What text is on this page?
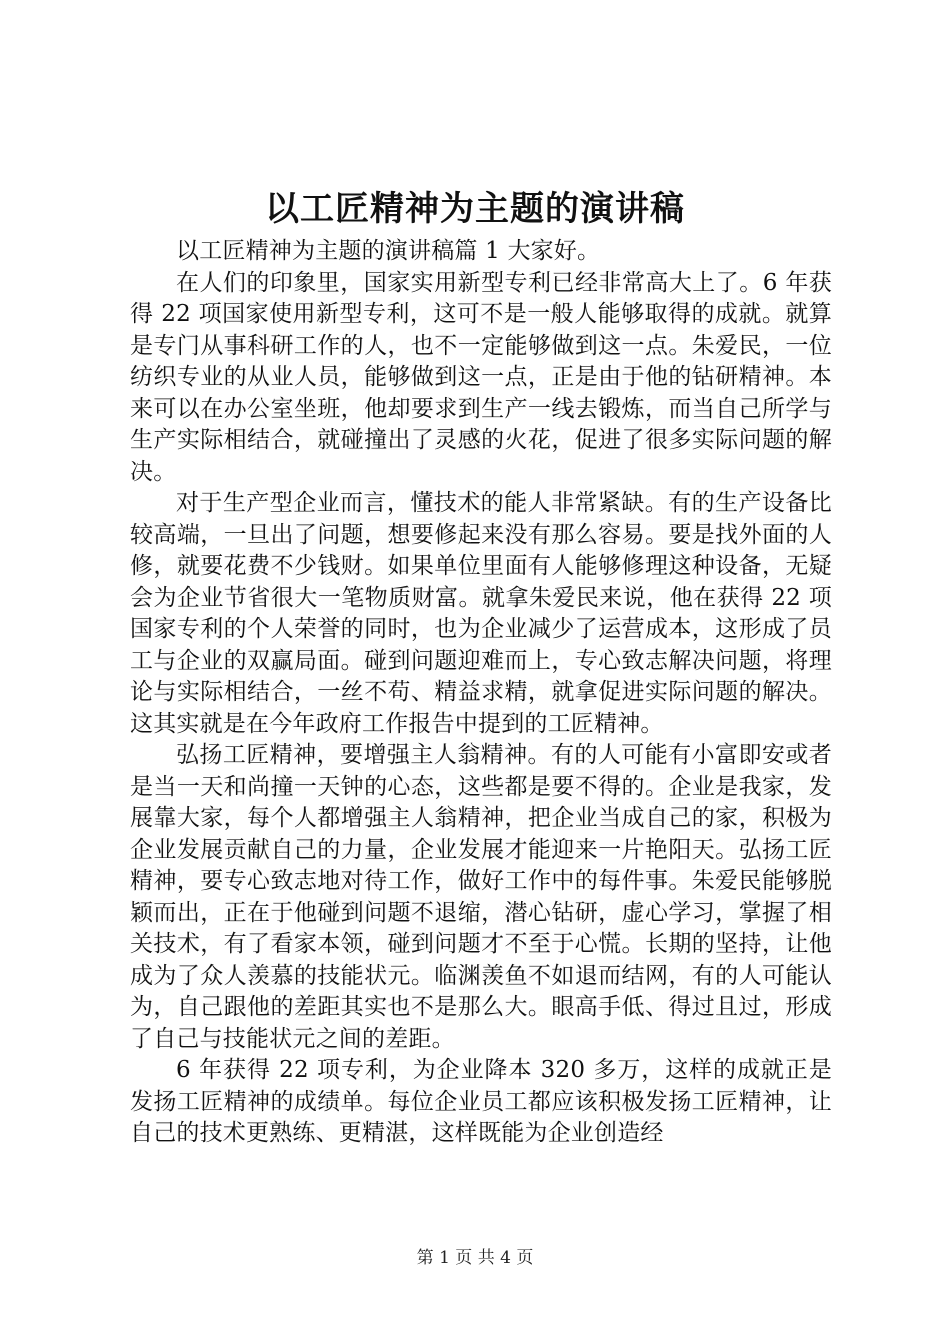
以工匠精神为主题的演讲稿

以工匠精神为主题的演讲稿篇 1 大家好。

在人们的印象里，国家实用新型专利已经非常高大上了。6 年获得 22 项国家使用新型专利，这可不是一般人能够取得的成就。就算是专门从事科研工作的人，也不一定能够做到这一点。朱爱民，一位纺织专业的从业人员，能够做到这一点，正是由于他的钻研精神。本来可以在办公室坐班，他却要求到生产一线去锻炼，而当自己所学与生产实际相结合，就碰撞出了灵感的火花，促进了很多实际问题的解决。

对于生产型企业而言，懂技术的能人非常紧缺。有的生产设备比较高端，一旦出了问题，想要修起来没有那么容易。要是找外面的人修，就要花费不少钱财。如果单位里面有人能够修理这种设备，无疑会为企业节省很大一笔物质财富。就拿朱爱民来说，他在获得 22 项国家专利的个人荣誉的同时，也为企业减少了运营成本，这形成了员工与企业的双赢局面。碰到问题迎难而上，专心致志解决问题，将理论与实际相结合，一丝不苟、精益求精，就拿促进实际问题的解决。这其实就是在今年政府工作报告中提到的工匠精神。

弘扬工匠精神，要增强主人翁精神。有的人可能有小富即安或者是当一天和尚撞一天钟的心态，这些都是要不得的。企业是我家，发展靠大家，每个人都增强主人翁精神，把企业当成自己的家，积极为企业发展贡献自己的力量，企业发展才能迎来一片艳阳天。弘扬工匠精神，要专心致志地对待工作，做好工作中的每件事。朱爱民能够脱颖而出，正在于他碰到问题不退缩，潜心钻研，虚心学习，掌握了相关技术，有了看家本领，碰到问题才不至于心慌。长期的坚持，让他成为了众人羡慕的技能状元。临渊羡鱼不如退而结网，有的人可能认为，自己跟他的差距其实也不是那么大。眼高手低、得过且过，形成了自己与技能状元之间的差距。

6 年获得 22 项专利，为企业降本 320 多万，这样的成就正是发扬工匠精神的成绩单。每位企业员工都应该积极发扬工匠精神，让自己的技术更熟练、更精湛，这样既能为企业创造经

第 1 页 共 4 页
